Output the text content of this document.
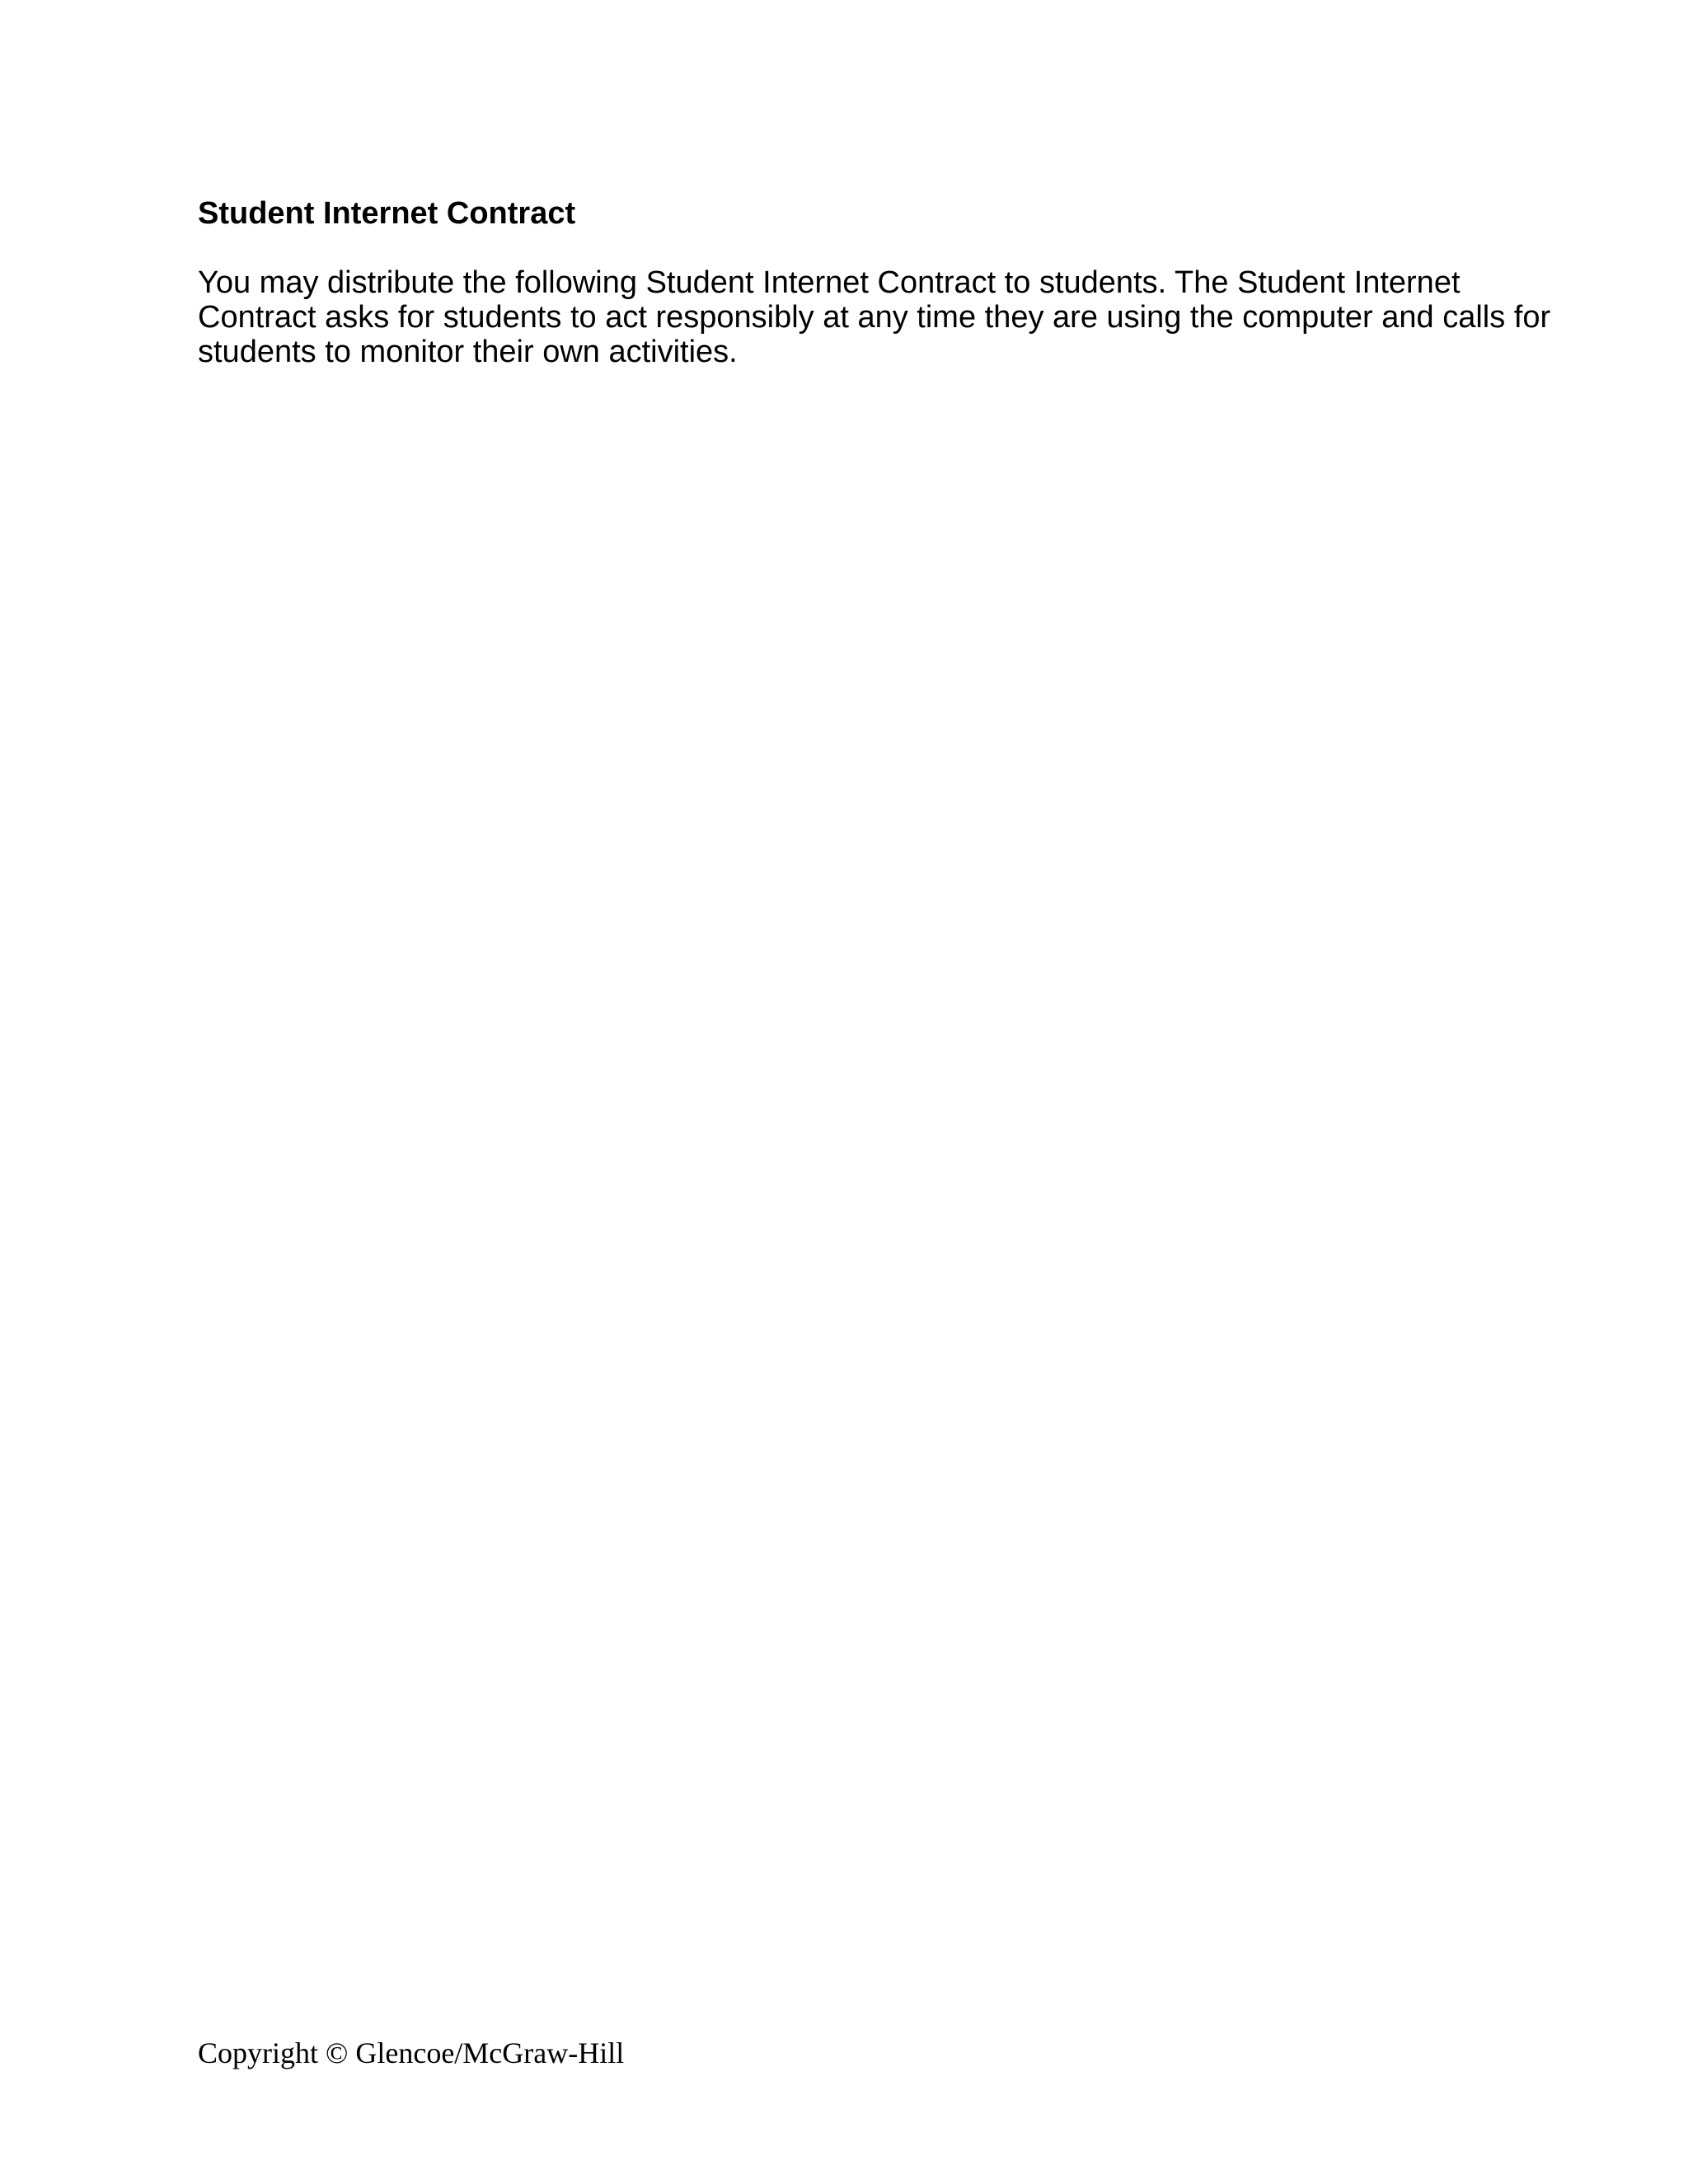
Student Internet Contract

You may distribute the following Student Internet Contract to students. The Student Internet
Contract asks for students to act responsibly at any time they are using the computer and calls for
students to monitor their own activities.

Copyright © Glencoe/McGraw-Hill
